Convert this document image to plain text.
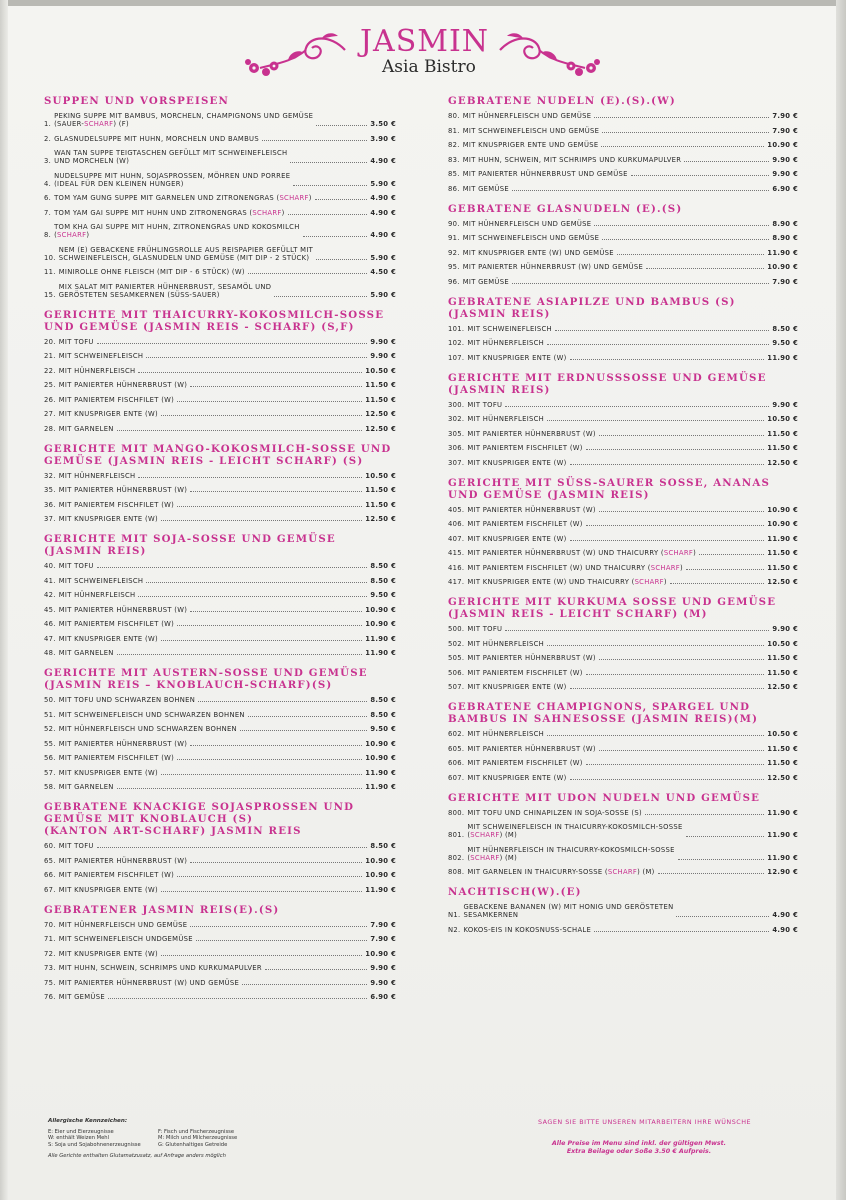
JASMIN
Asia Bistro
SUPPEN UND VORSPEISEN
1.
PEKING SUPPE MIT BAMBUS, MORCHELN, CHAMPIGNONS UND GEMÜSE
(SAUER-SCHARF) (F)	3.50 €
2. GLASNUDELSUPPE MIT HUHN, MORCHELN UND BAMBUS	3.90 €
3.
WAN TAN SUPPE TEIGTASCHEN GEFÜLLT MIT SCHWEINEFLEISCH
UND MORCHELN (W)	4.90 €
4.
NUDELSUPPE MIT HUHN, SOJASPROSSEN, MÖHREN UND PORREE
(IDEAL FÜR DEN KLEINEN HUNGER)	5.90 €
6. TOM YAM GUNG SUPPE MIT GARNELEN UND ZITRONENGRAS (SCHARF)	4.90 €
7. TOM YAM GAI SUPPE MIT HUHN UND ZITRONENGRAS (SCHARF)	4.90 €
8.
TOM KHA GAI SUPPE MIT HUHN, ZITRONENGRAS UND KOKOSMILCH
(SCHARF)	4.90 €
10.
NEM (E) GEBACKENE FRÜHLINGSROLLE AUS REISPAPIER GEFÜLLT MIT
SCHWEINEFLEISCH, GLASNUDELN UND GEMÜSE (MIT DIP - 2 STÜCK)	5.90 €
11. MINIROLLE OHNE FLEISCH (MIT DIP - 6 STÜCK) (W)	4.50 €
15.
MIX SALAT MIT PANIERTER HÜHNERBRUST, SESAMÖL UND
GERÖSTETEN SESAMKERNEN (SÜSS-SAUER)	5.90 €
GERICHTE MIT THAICURRY-KOKOSMILCH-SOSSE
UND GEMÜSE (JASMIN REIS - SCHARF) (S,F)
20. MIT TOFU	9.90 €
21. MIT SCHWEINEFLEISCH	9.90 €
22. MIT HÜHNERFLEISCH	10.50 €
25. MIT PANIERTER HÜHNERBRUST (W)	11.50 €
26. MIT PANIERTEM FISCHFILET (W)	11.50 €
27. MIT KNUSPRIGER ENTE (W)	12.50 €
28. MIT GARNELEN	12.50 €
GERICHTE MIT MANGO-KOKOSMILCH-SOSSE UND
GEMÜSE (JASMIN REIS - LEICHT SCHARF) (S)
32. MIT HÜHNERFLEISCH	10.50 €
35. MIT PANIERTER HÜHNERBRUST (W)	11.50 €
36. MIT PANIERTEM FISCHFILET (W)	11.50 €
37. MIT KNUSPRIGER ENTE (W)	12.50 €
GERICHTE MIT SOJA-SOSSE UND GEMÜSE
(JASMIN REIS)
40. MIT TOFU	8.50 €
41. MIT SCHWEINEFLEISCH	8.50 €
42. MIT HÜHNERFLEISCH	9.50 €
45. MIT PANIERTER HÜHNERBRUST (W)	10.90 €
46. MIT PANIERTEM FISCHFILET (W)	10.90 €
47. MIT KNUSPRIGER ENTE (W)	11.90 €
48. MIT GARNELEN	11.90 €
GERICHTE MIT AUSTERN-SOSSE UND GEMÜSE
(JASMIN REIS – KNOBLAUCH-SCHARF)(S)
50. MIT TOFU UND SCHWARZEN BOHNEN	8.50 €
51. MIT SCHWEINEFLEISCH UND SCHWARZEN BOHNEN	8.50 €
52. MIT HÜHNERFLEISCH UND SCHWARZEN BOHNEN	9.50 €
55. MIT PANIERTER HÜHNERBRUST (W)	10.90 €
56. MIT PANIERTEM FISCHFILET (W)	10.90 €
57. MIT KNUSPRIGER ENTE (W)	11.90 €
58. MIT GARNELEN	11.90 €
GEBRATENE KNACKIGE SOJASPROSSEN UND
GEMÜSE MIT KNOBLAUCH (S)
(KANTON ART-SCHARF) JASMIN REIS
60. MIT TOFU	8.50 €
65. MIT PANIERTER HÜHNERBRUST (W)	10.90 €
66. MIT PANIERTEM FISCHFILET (W)	10.90 €
67. MIT KNUSPRIGER ENTE (W)	11.90 €
GEBRATENER JASMIN REIS(E).(S)
70. MIT HÜHNERFLEISCH UND GEMÜSE	7.90 €
71. MIT SCHWEINEFLEISCH UNDGEMÜSE	7.90 €
72. MIT KNUSPRIGER ENTE (W)	10.90 €
73. MIT HUHN, SCHWEIN, SCHRIMPS UND KURKUMAPULVER	9.90 €
75. MIT PANIERTER HÜHNERBRUST (W) UND GEMÜSE	9.90 €
76. MIT GEMÜSE	6.90 €
GEBRATENE NUDELN (E).(S).(W)
80. MIT HÜHNERFLEISCH UND GEMÜSE	7.90 €
81. MIT SCHWEINEFLEISCH UND GEMÜSE	7.90 €
82. MIT KNUSPRIGER ENTE UND GEMÜSE	10.90 €
83. MIT HUHN, SCHWEIN, MIT SCHRIMPS UND KURKUMAPULVER	9.90 €
85. MIT PANIERTER HÜHNERBRUST UND GEMÜSE	9.90 €
86. MIT GEMÜSE	6.90 €
GEBRATENE GLASNUDELN (E).(S)
90. MIT HÜHNERFLEISCH UND GEMÜSE	8.90 €
91. MIT SCHWEINEFLEISCH UND GEMÜSE	8.90 €
92. MIT KNUSPRIGER ENTE (W) UND GEMÜSE	11.90 €
95. MIT PANIERTER HÜHNERBRUST (W) UND GEMÜSE	10.90 €
96. MIT GEMÜSE	7.90 €
GEBRATENE ASIAPILZE UND BAMBUS (S)
(JASMIN REIS)
101. MIT SCHWEINEFLEISCH	8.50 €
102. MIT HÜHNERFLEISCH	9.50 €
107. MIT KNUSPRIGER ENTE (W)	11.90 €
GERICHTE MIT ERDNUSSSOSSE UND GEMÜSE
(JASMIN REIS)
300. MIT TOFU	9.90 €
302. MIT HÜHNERFLEISCH	10.50 €
305. MIT PANIERTER HÜHNERBRUST (W)	11.50 €
306. MIT PANIERTEM FISCHFILET (W)	11.50 €
307. MIT KNUSPRIGER ENTE (W)	12.50 €
GERICHTE MIT SÜSS-SAURER SOSSE, ANANAS
UND GEMÜSE (JASMIN REIS)
405. MIT PANIERTER HÜHNERBRUST (W)	10.90 €
406. MIT PANIERTEM FISCHFILET (W)	10.90 €
407. MIT KNUSPRIGER ENTE (W)	11.90 €
415. MIT PANIERTER HÜHNERBRUST (W) UND THAICURRY (SCHARF)	11.50 €
416. MIT PANIERTEM FISCHFILET (W) UND THAICURRY (SCHARF)	11.50 €
417. MIT KNUSPRIGER ENTE (W) UND THAICURRY (SCHARF)	12.50 €
GERICHTE MIT KURKUMA SOSSE UND GEMÜSE
(JASMIN REIS - LEICHT SCHARF) (M)
500. MIT TOFU	9.90 €
502. MIT HÜHNERFLEISCH	10.50 €
505. MIT PANIERTER HÜHNERBRUST (W)	11.50 €
506. MIT PANIERTEM FISCHFILET (W)	11.50 €
507. MIT KNUSPRIGER ENTE (W)	12.50 €
GEBRATENE CHAMPIGNONS, SPARGEL UND
BAMBUS IN SAHNESOSSE (JASMIN REIS)(M)
602. MIT HÜHNERFLEISCH	10.50 €
605. MIT PANIERTER HÜHNERBRUST (W)	11.50 €
606. MIT PANIERTEM FISCHFILET (W)	11.50 €
607. MIT KNUSPRIGER ENTE (W)	12.50 €
GERICHTE MIT UDON NUDELN UND GEMÜSE
800. MIT TOFU UND CHINAPILZEN IN SOJA-SOSSE (S)	11.90 €
801.
MIT SCHWEINEFLEISCH IN THAICURRY-KOKOSMILCH-SOSSE
(SCHARF) (M)	11.90 €
802.
MIT HÜHNERFLEISCH IN THAICURRY-KOKOSMILCH-SOSSE
(SCHARF) (M)	11.90 €
808. MIT GARNELEN IN THAICURRY-SOSSE (SCHARF) (M)	12.90 €
NACHTISCH(W).(E)
N1.
GEBACKENE BANANEN (W) MIT HONIG UND GERÖSTETEN
SESAMKERNEN	4.90 €
N2. KOKOS-EIS IN KOKOSNUSS-SCHALE	4.90 €
Allergische Kennzeichen:
E: Eier und Eierzeugnisse	F: Fisch und Fischerzeugnisse
W: enthält Weizen Mehl	M: Milch und Milcherzeugnisse
S: Soja und Sojabohnenerzeugnisse	G: Glutenhaltiges Getreide
Alle Gerichte enthalten Glutamatzusatz, auf Anfrage anders möglich
SAGEN SIE BITTE UNSEREN MITARBEITERN IHRE WÜNSCHE
Alle Preise im Menu sind inkl. der gültigen Mwst.
Extra Beilage oder Soße 3.50 € Aufpreis.
